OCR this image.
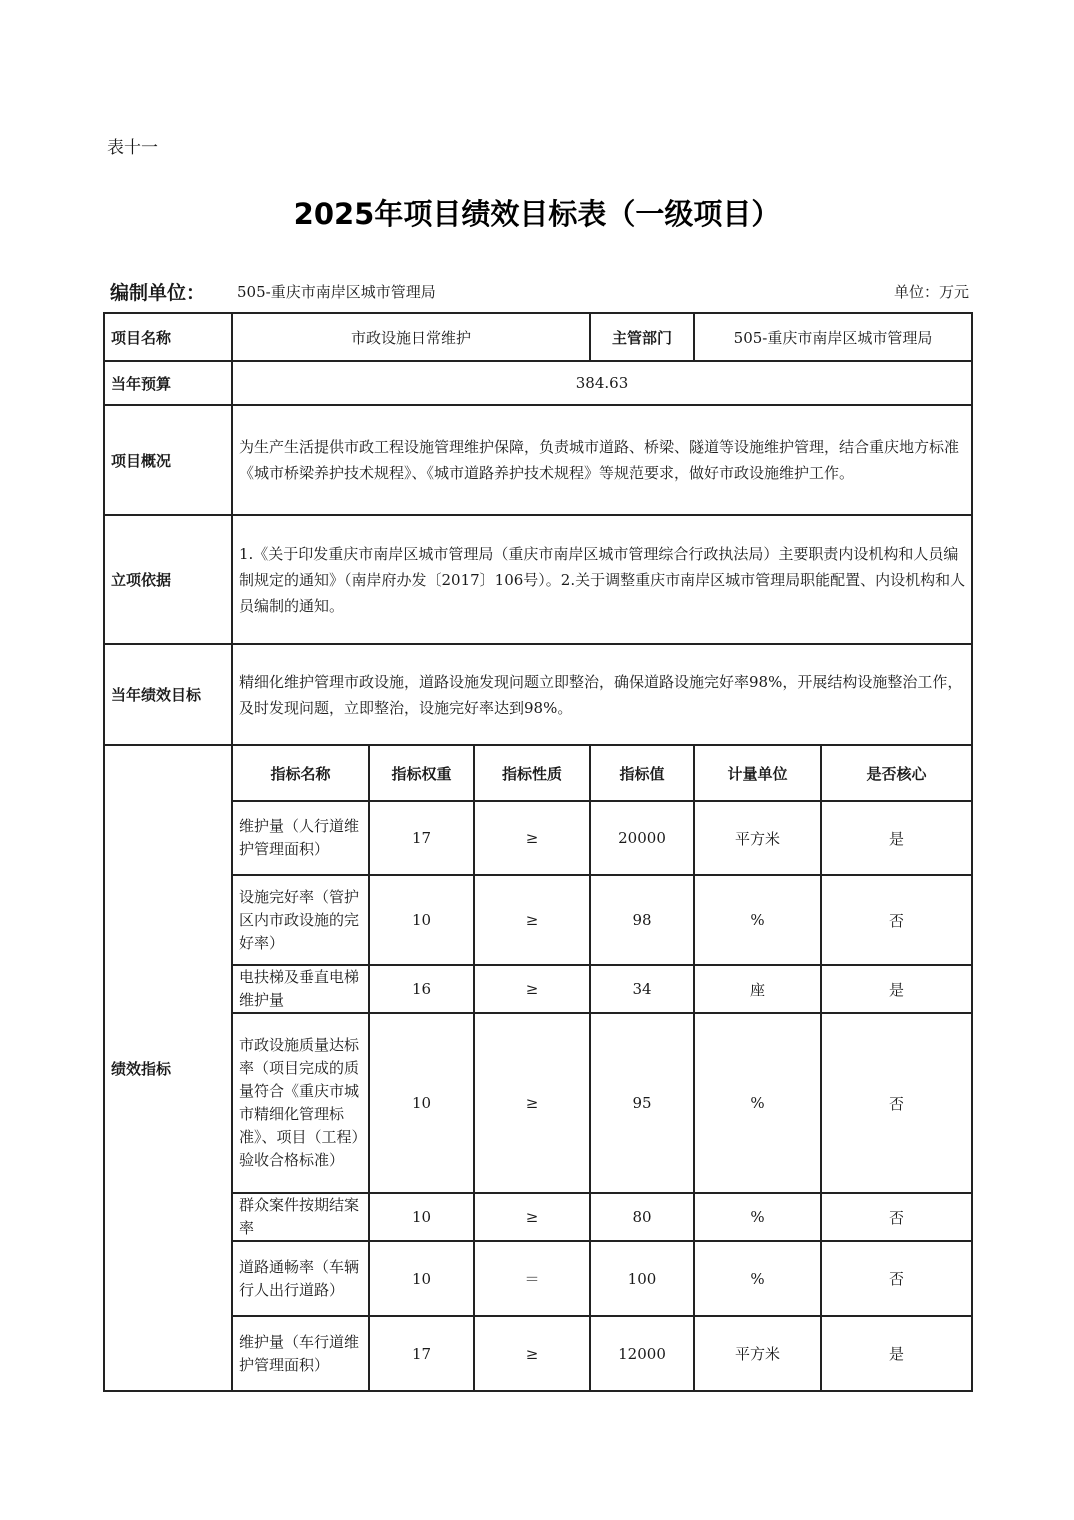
表十一
2025年项目绩效目标表（一级项目）
编制单位： 505-重庆市南岸区城市管理局	单位：万元
项目名称	市政设施日常维护			主管部门	505-重庆市南岸区城市管理局	
当年预算	384.63					
项目概况	为生产生活提供市政工程设施管理维护保障，负责城市道路、桥梁、隧道等设施维护管理，结合重庆地方标准《城市桥梁养护技术规程》、《城市道路养护技术规程》等规范要求，做好市政设施维护工作。					
立项依据	1.《关于印发重庆市南岸区城市管理局（重庆市南岸区城市管理综合行政执法局）主要职责内设机构和人员编制规定的通知》（南岸府办发〔2017〕106号）。2.关于调整重庆市南岸区城市管理局职能配置、内设机构和人员编制的通知。					
当年绩效目标	精细化维护管理市政设施，道路设施发现问题立即整治，确保道路设施完好率98%，开展结构设施整治工作，及时发现问题，立即整治，设施完好率达到98%。					
绩效指标	指标名称	指标权重	指标性质	指标值	计量单位	是否核心
	维护量（人行道维护管理面积）	17	≥	20000	平方米	是
	设施完好率（管护区内市政设施的完好率）	10	≥	98	%	否
	电扶梯及垂直电梯维护量	16	≥	34	座	是
	市政设施质量达标率（项目完成的质量符合《重庆市城市精细化管理标准》、项目（工程）验收合格标准）	10	≥	95	%	否
	群众案件按期结案率	10	≥	80	%	否
	道路通畅率（车辆行人出行道路）	10	＝	100	%	否
	维护量（车行道维护管理面积）	17	≥	12000	平方米	是
